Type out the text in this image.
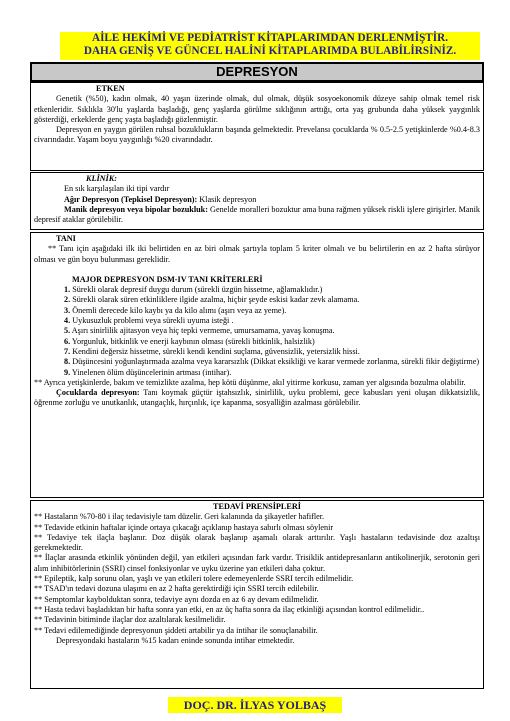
AİLE HEKİMİ VE PEDİATRİST KİTAPLARIMDAN DERLENMİŞTİR.
DAHA GENİŞ VE GÜNCEL HALİNİ KİTAPLARIMDA BULABİLİRSİNİZ.
DEPRESYON
ETKEN

Genetik (%50), kadın olmak, 40 yaşın üzerinde olmak, dul olmak, düşük sosyoekonomik düzeye sahip olmak temel risk etkenleridir. Sıklıkla 30'lu yaşlarda başladığı, genç yaşlarda görülme sıklığının arttığı, orta yaş grubunda daha yüksek yaygınlık gösterdiği, erkeklerde genç yaşta başladığı gözlenmiştir.

Depresyon en yaygın görülen ruhsal bozuklukların başında gelmektedir. Prevelansı çocuklarda % 0.5-2.5 yetişkinlerde %0.4-8.3 civarındadır. Yaşam boyu yaygınlığı %20 civarındadır.

KLİNİK:

En sık karşılaşılan iki tipi vardır

Ağır Depresyon (Tepkisel Depresyon): Klasik depresyon

Manik depresyon veya bipolar bozukluk: Genelde moralleri bozuktur ama buna rağmen yüksek riskli işlere girişirler. Manik depresif ataklar görülebilir.

TANI

** Tanı için aşağıdaki ilk iki belirtiden en az biri olmak şartıyla toplam 5 kriter olmalı ve bu belirtilerin en az 2 hafta sürüyor olması ve gün boyu bulunması gereklidir.

MAJOR DEPRESYON DSM-IV TANI KRİTERLERİ

1. Sürekli olarak depresif duygu durum (sürekli üzgün hissetme, ağlamaklıdır.)

2. Sürekli olarak süren etkinliklere ilgide azalma, hiçbir şeyde eskisi kadar zevk alamama.

3. Önemli derecede kilo kaybı ya da kilo alımı (aşırı veya az yeme).

4. Uykusuzluk problemi veya sürekli uyuma isteği .

5. Aşırı sinirlilik ajitasyon veya hiç tepki vermeme, umursamama, yavaş konuşma.

6. Yorgunluk, bitkinlik ve enerji kaybının olması (sürekli bitkinlik, halsizlik)

7. Kendini değersiz hissetme, sürekli kendi kendini suçlama, güvensizlik, yetersizlik hissi.

8. Düşüncesini yoğunlaştırmada azalma veya kararsızlık (Dikkat eksikliği ve karar vermede zorlanma, sürekli fikir değiştirme)

9. Yinelenen ölüm düşüncelerinin artması (intihar).

** Ayrıca yetişkinlerde, bakım ve temizlikte azalma, hep kötü düşünme, akıl yitirme korkusu, zaman yer algısında bozulma olabilir.

Çocuklarda depresyon: Tanı koymak güçtür iştahsızlık, sinirlilik, uyku problemi, gece kabusları yeni oluşan dikkatsizlik, öğrenme zorluğu ve unutkanlık, utangaçlık, hırçınlık, içe kapanma, sosyalliğin azalması görülebilir.

TEDAVİ PRENSİPLERİ

** Hastaların %70-80 i ilaç tedavisiyle tam düzelir. Geri kalanında da şikayetler hafifler.

** Tedavide etkinin haftalar içinde ortaya çıkacağı açıklanıp hastaya sabırlı olması söylenir

** Tedaviye tek ilaçla başlanır. Doz düşük olarak başlanıp aşamalı olarak arttırılır. Yaşlı hastaların tedavisinde doz azaltışı gerekmektedir.

** İlaçlar arasında etkinlik yönünden değil, yan etkileri açısından fark vardır. Trisiklik antidepresanların antikolinerjik, serotonin geri alım inhibitörlerinin (SSRI) cinsel fonksiyonlar ve uyku üzerine yan etkileri daha çoktur.

** Epileptik, kalp sorunu olan, yaşlı ve yan etkileri tolere edemeyenlerde SSRI tercih edilmelidir.

** TSAD'ın tedavi dozuna ulaşımı en az 2 hafta gerektirdiği için SSRI tercih edilebilir.

** Semptomlar kaybolduktan sonra, tedaviye aynı dozda en az 6 ay devam edilmelidir.

** Hasta tedavi başladıktan bir hafta sonra yan etki, en az üç hafta sonra da ilaç etkinliği açısından kontrol edilmelidir..

** Tedavinin bitiminde ilaçlar doz azaltılarak kesilmelidir.

** Tedavi edilemediğinde depresyonun şiddeti artabilir ya da intihar ile sonuçlanabilir.

Depresyondaki hastaların %15 kadarı eninde sonunda intihar etmektedir.

DOÇ. DR. İLYAS YOLBAŞ
